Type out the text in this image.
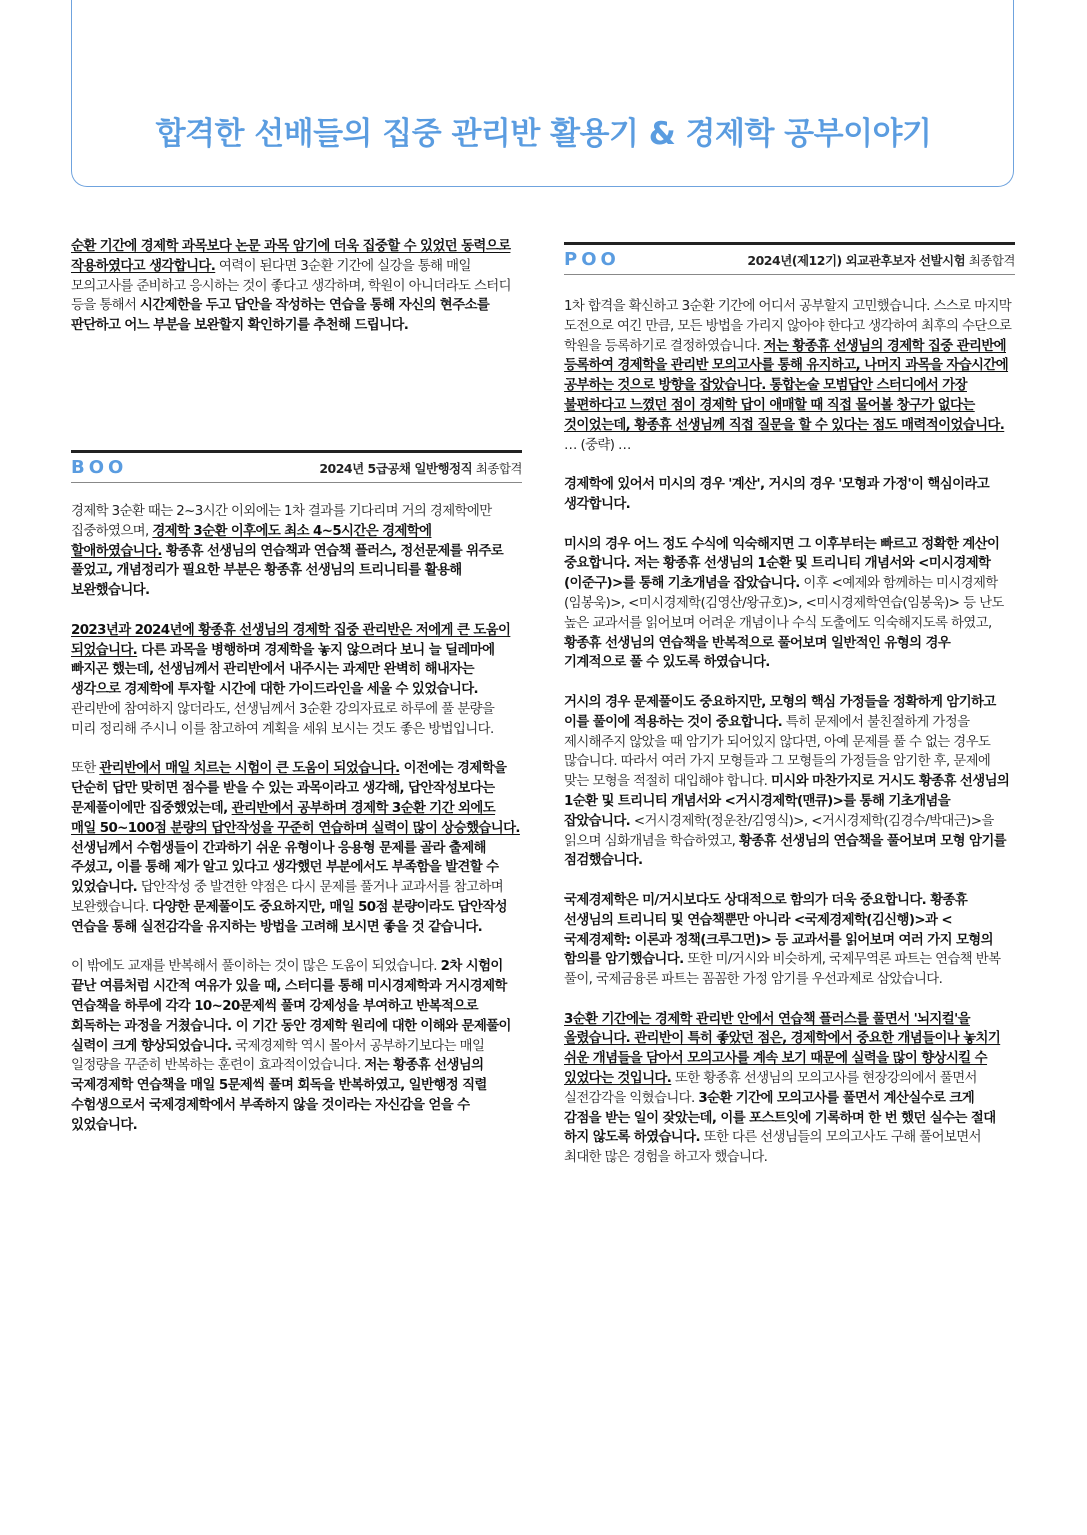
합격한 선배들의 집중 관리반 활용기 & 경제학 공부이야기

순환 기간에 경제학 과목보다 논문 과목 암기에 더욱 집중할 수 있었던 동력으로 작용하였다고 생각합니다. 여력이 된다면 3순환 기간에 실강을 통해 매일 모의고사를 준비하고 응시하는 것이 좋다고 생각하며, 학원이 아니더라도 스터디 등을 통해서 시간제한을 두고 답안을 작성하는 연습을 통해 자신의 현주소를 판단하고 어느 부분을 보완할지 확인하기를 추천해 드립니다.

BOO	2024년 5급공채 일반행정직 최종합격

경제학 3순환 때는 2~3시간 이외에는 1차 결과를 기다리며 거의 경제학에만 집중하였으며, 경제학 3순환 이후에도 최소 4~5시간은 경제학에 할애하였습니다. 황종휴 선생님의 연습책과 연습책 플러스, 정선문제를 위주로 풀었고, 개념정리가 필요한 부분은 황종휴 선생님의 트리니티를 활용해 보완했습니다.

2023년과 2024년에 황종휴 선생님의 경제학 집중 관리반은 저에게 큰 도움이 되었습니다. 다른 과목을 병행하며 경제학을 놓지 않으려다 보니 늘 딜레마에 빠지곤 했는데, 선생님께서 관리반에서 내주시는 과제만 완벽히 해내자는 생각으로 경제학에 투자할 시간에 대한 가이드라인을 세울 수 있었습니다. 관리반에 참여하지 않더라도, 선생님께서 3순환 강의자료로 하루에 풀 분량을 미리 정리해 주시니 이를 참고하여 계획을 세워 보시는 것도 좋은 방법입니다.

또한 관리반에서 매일 치르는 시험이 큰 도움이 되었습니다. 이전에는 경제학을 단순히 답만 맞히면 점수를 받을 수 있는 과목이라고 생각해, 답안작성보다는 문제풀이에만 집중했었는데, 관리반에서 공부하며 경제학 3순환 기간 외에도 매일 50~100점 분량의 답안작성을 꾸준히 연습하며 실력이 많이 상승했습니다. 선생님께서 수험생들이 간과하기 쉬운 유형이나 응용형 문제를 골라 출제해 주셨고, 이를 통해 제가 알고 있다고 생각했던 부분에서도 부족함을 발견할 수 있었습니다. 답안작성 중 발견한 약점은 다시 문제를 풀거나 교과서를 참고하며 보완했습니다. 다양한 문제풀이도 중요하지만, 매일 50점 분량이라도 답안작성 연습을 통해 실전감각을 유지하는 방법을 고려해 보시면 좋을 것 같습니다.

이 밖에도 교재를 반복해서 풀이하는 것이 많은 도움이 되었습니다. 2차 시험이 끝난 여름처럼 시간적 여유가 있을 때, 스터디를 통해 미시경제학과 거시경제학 연습책을 하루에 각각 10~20문제씩 풀며 강제성을 부여하고 반복적으로 회독하는 과정을 거쳤습니다. 이 기간 동안 경제학 원리에 대한 이해와 문제풀이 실력이 크게 향상되었습니다. 국제경제학 역시 몰아서 공부하기보다는 매일 일정량을 꾸준히 반복하는 훈련이 효과적이었습니다. 저는 황종휴 선생님의 국제경제학 연습책을 매일 5문제씩 풀며 회독을 반복하였고, 일반행정 직렬 수험생으로서 국제경제학에서 부족하지 않을 것이라는 자신감을 얻을 수 있었습니다.

POO	2024년(제12기) 외교관후보자 선발시험 최종합격

1차 합격을 확신하고 3순환 기간에 어디서 공부할지 고민했습니다. 스스로 마지막 도전으로 여긴 만큼, 모든 방법을 가리지 않아야 한다고 생각하여 최후의 수단으로 학원을 등록하기로 결정하였습니다. 저는 황종휴 선생님의 경제학 집중 관리반에 등록하여 경제학을 관리반 모의고사를 통해 유지하고, 나머지 과목을 자습시간에 공부하는 것으로 방향을 잡았습니다. 통합논술 모범답안 스터디에서 가장 불편하다고 느꼈던 점이 경제학 답이 애매할 때 직접 물어볼 창구가 없다는 것이었는데, 황종휴 선생님께 직접 질문을 할 수 있다는 점도 매력적이었습니다. … (중략) …

경제학에 있어서 미시의 경우 '계산', 거시의 경우 '모형과 가정'이 핵심이라고 생각합니다.

미시의 경우 어느 정도 수식에 익숙해지면 그 이후부터는 빠르고 정확한 계산이 중요합니다. 저는 황종휴 선생님의 1순환 및 트리니티 개념서와 <미시경제학(이준구)>를 통해 기초개념을 잡았습니다. 이후 <예제와 함께하는 미시경제학(임봉욱)>, <미시경제학(김영산/왕규호)>, <미시경제학연습(임봉욱)> 등 난도 높은 교과서를 읽어보며 어려운 개념이나 수식 도출에도 익숙해지도록 하였고, 황종휴 선생님의 연습책을 반복적으로 풀어보며 일반적인 유형의 경우 기계적으로 풀 수 있도록 하였습니다.

거시의 경우 문제풀이도 중요하지만, 모형의 핵심 가정들을 정확하게 암기하고 이를 풀이에 적용하는 것이 중요합니다. 특히 문제에서 불친절하게 가정을 제시해주지 않았을 때 암기가 되어있지 않다면, 아예 문제를 풀 수 없는 경우도 많습니다. 따라서 여러 가지 모형들과 그 모형들의 가정들을 암기한 후, 문제에 맞는 모형을 적절히 대입해야 합니다. 미시와 마찬가지로 거시도 황종휴 선생님의 1순환 및 트리니티 개념서와 <거시경제학(맨큐)>를 통해 기초개념을 잡았습니다. <거시경제학(정운찬/김영식)>, <거시경제학(김경수/박대근)>을 읽으며 심화개념을 학습하였고, 황종휴 선생님의 연습책을 풀어보며 모형 암기를 점검했습니다.

국제경제학은 미/거시보다도 상대적으로 함의가 더욱 중요합니다. 황종휴 선생님의 트리니티 및 연습책뿐만 아니라 <국제경제학(김신행)>과 <국제경제학: 이론과 정책(크루그먼)> 등 교과서를 읽어보며 여러 가지 모형의 함의를 암기했습니다. 또한 미/거시와 비슷하게, 국제무역론 파트는 연습책 반복 풀이, 국제금융론 파트는 꼼꼼한 가정 암기를 우선과제로 삼았습니다.

3순환 기간에는 경제학 관리반 안에서 연습책 플러스를 풀면서 '뇌지컬'을 올렸습니다. 관리반이 특히 좋았던 점은, 경제학에서 중요한 개념들이나 놓치기 쉬운 개념들을 담아서 모의고사를 계속 보기 때문에 실력을 많이 향상시킬 수 있었다는 것입니다. 또한 황종휴 선생님의 모의고사를 현장강의에서 풀면서 실전감각을 익혔습니다. 3순환 기간에 모의고사를 풀면서 계산실수로 크게 감점을 받는 일이 잦았는데, 이를 포스트잇에 기록하며 한 번 했던 실수는 절대 하지 않도록 하였습니다. 또한 다른 선생님들의 모의고사도 구해 풀어보면서 최대한 많은 경험을 하고자 했습니다.
